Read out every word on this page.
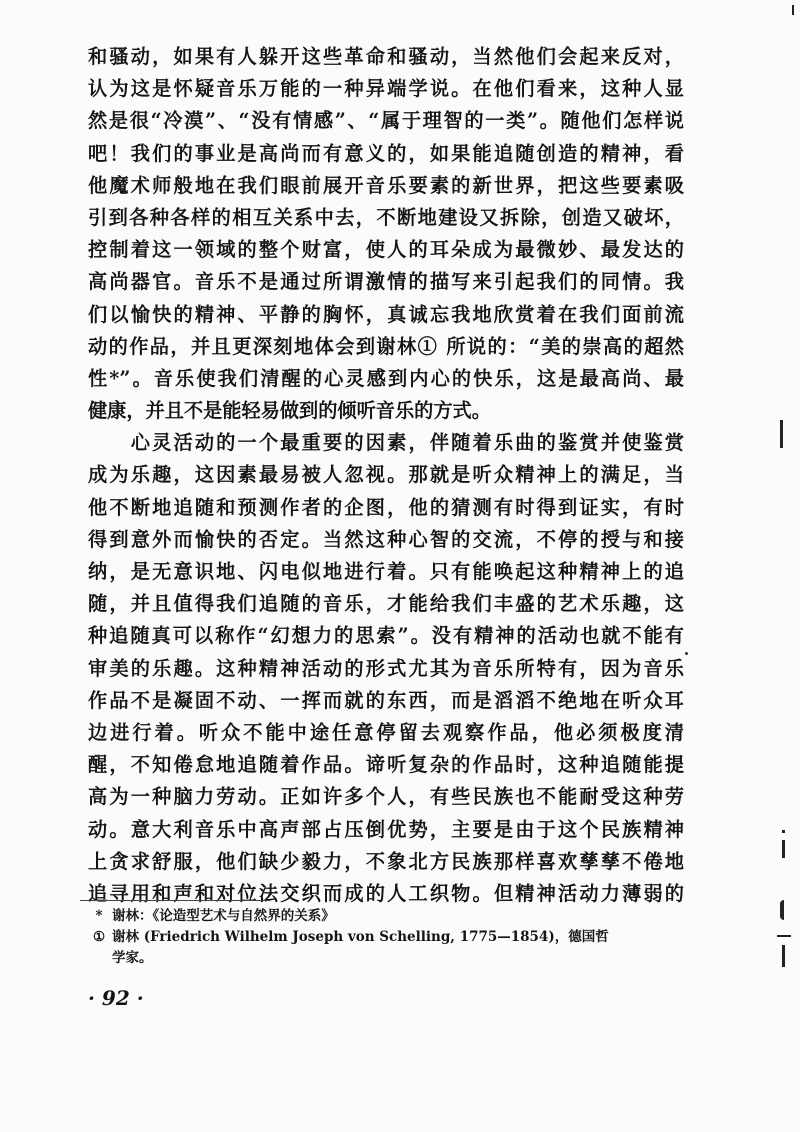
和骚动，如果有人躲开这些革命和骚动，当然他们会起来反对，
认为这是怀疑音乐万能的一种异端学说。在他们看来，这种人显
然是很“冷漠”、“没有情感”、“属于理智的一类”。随他们怎样说
吧！我们的事业是高尚而有意义的，如果能追随创造的精神，看
他魔术师般地在我们眼前展开音乐要素的新世界，把这些要素吸
引到各种各样的相互关系中去，不断地建设又拆除，创造又破坏，
控制着这一领域的整个财富，使人的耳朵成为最微妙、最发达的
高尚器官。音乐不是通过所谓激情的描写来引起我们的同情。我
们以愉快的精神、平静的胸怀，真诚忘我地欣赏着在我们面前流
动的作品，并且更深刻地体会到谢林① 所说的：“美的崇高的超然
性*”。音乐使我们清醒的心灵感到内心的快乐，这是最高尚、最
健康，并且不是能轻易做到的倾听音乐的方式。
　　心灵活动的一个最重要的因素，伴随着乐曲的鉴赏并使鉴赏
成为乐趣，这因素最易被人忽视。那就是听众精神上的满足，当
他不断地追随和预测作者的企图，他的猜测有时得到证实，有时
得到意外而愉快的否定。当然这种心智的交流，不停的授与和接
纳，是无意识地、闪电似地进行着。只有能唤起这种精神上的追
随，并且值得我们追随的音乐，才能给我们丰盛的艺术乐趣，这
种追随真可以称作“幻想力的思索”。没有精神的活动也就不能有
审美的乐趣。这种精神活动的形式尤其为音乐所特有，因为音乐
作品不是凝固不动、一挥而就的东西，而是滔滔不绝地在听众耳
边进行着。听众不能中途任意停留去观察作品，他必须极度清
醒，不知倦怠地追随着作品。谛听复杂的作品时，这种追随能提
高为一种脑力劳动。正如许多个人，有些民族也不能耐受这种劳
动。意大利音乐中高声部占压倒优势，主要是由于这个民族精神
上贪求舒服，他们缺少毅力，不象北方民族那样喜欢孳孳不倦地
追寻用和声和对位法交织而成的人工织物。但精神活动力薄弱的
* 谢林：《论造型艺术与自然界的关系》
① 谢林 (Friedrich Wilhelm Joseph von Schelling, 1775—1854)，德国哲
学家。
· 92 ·
